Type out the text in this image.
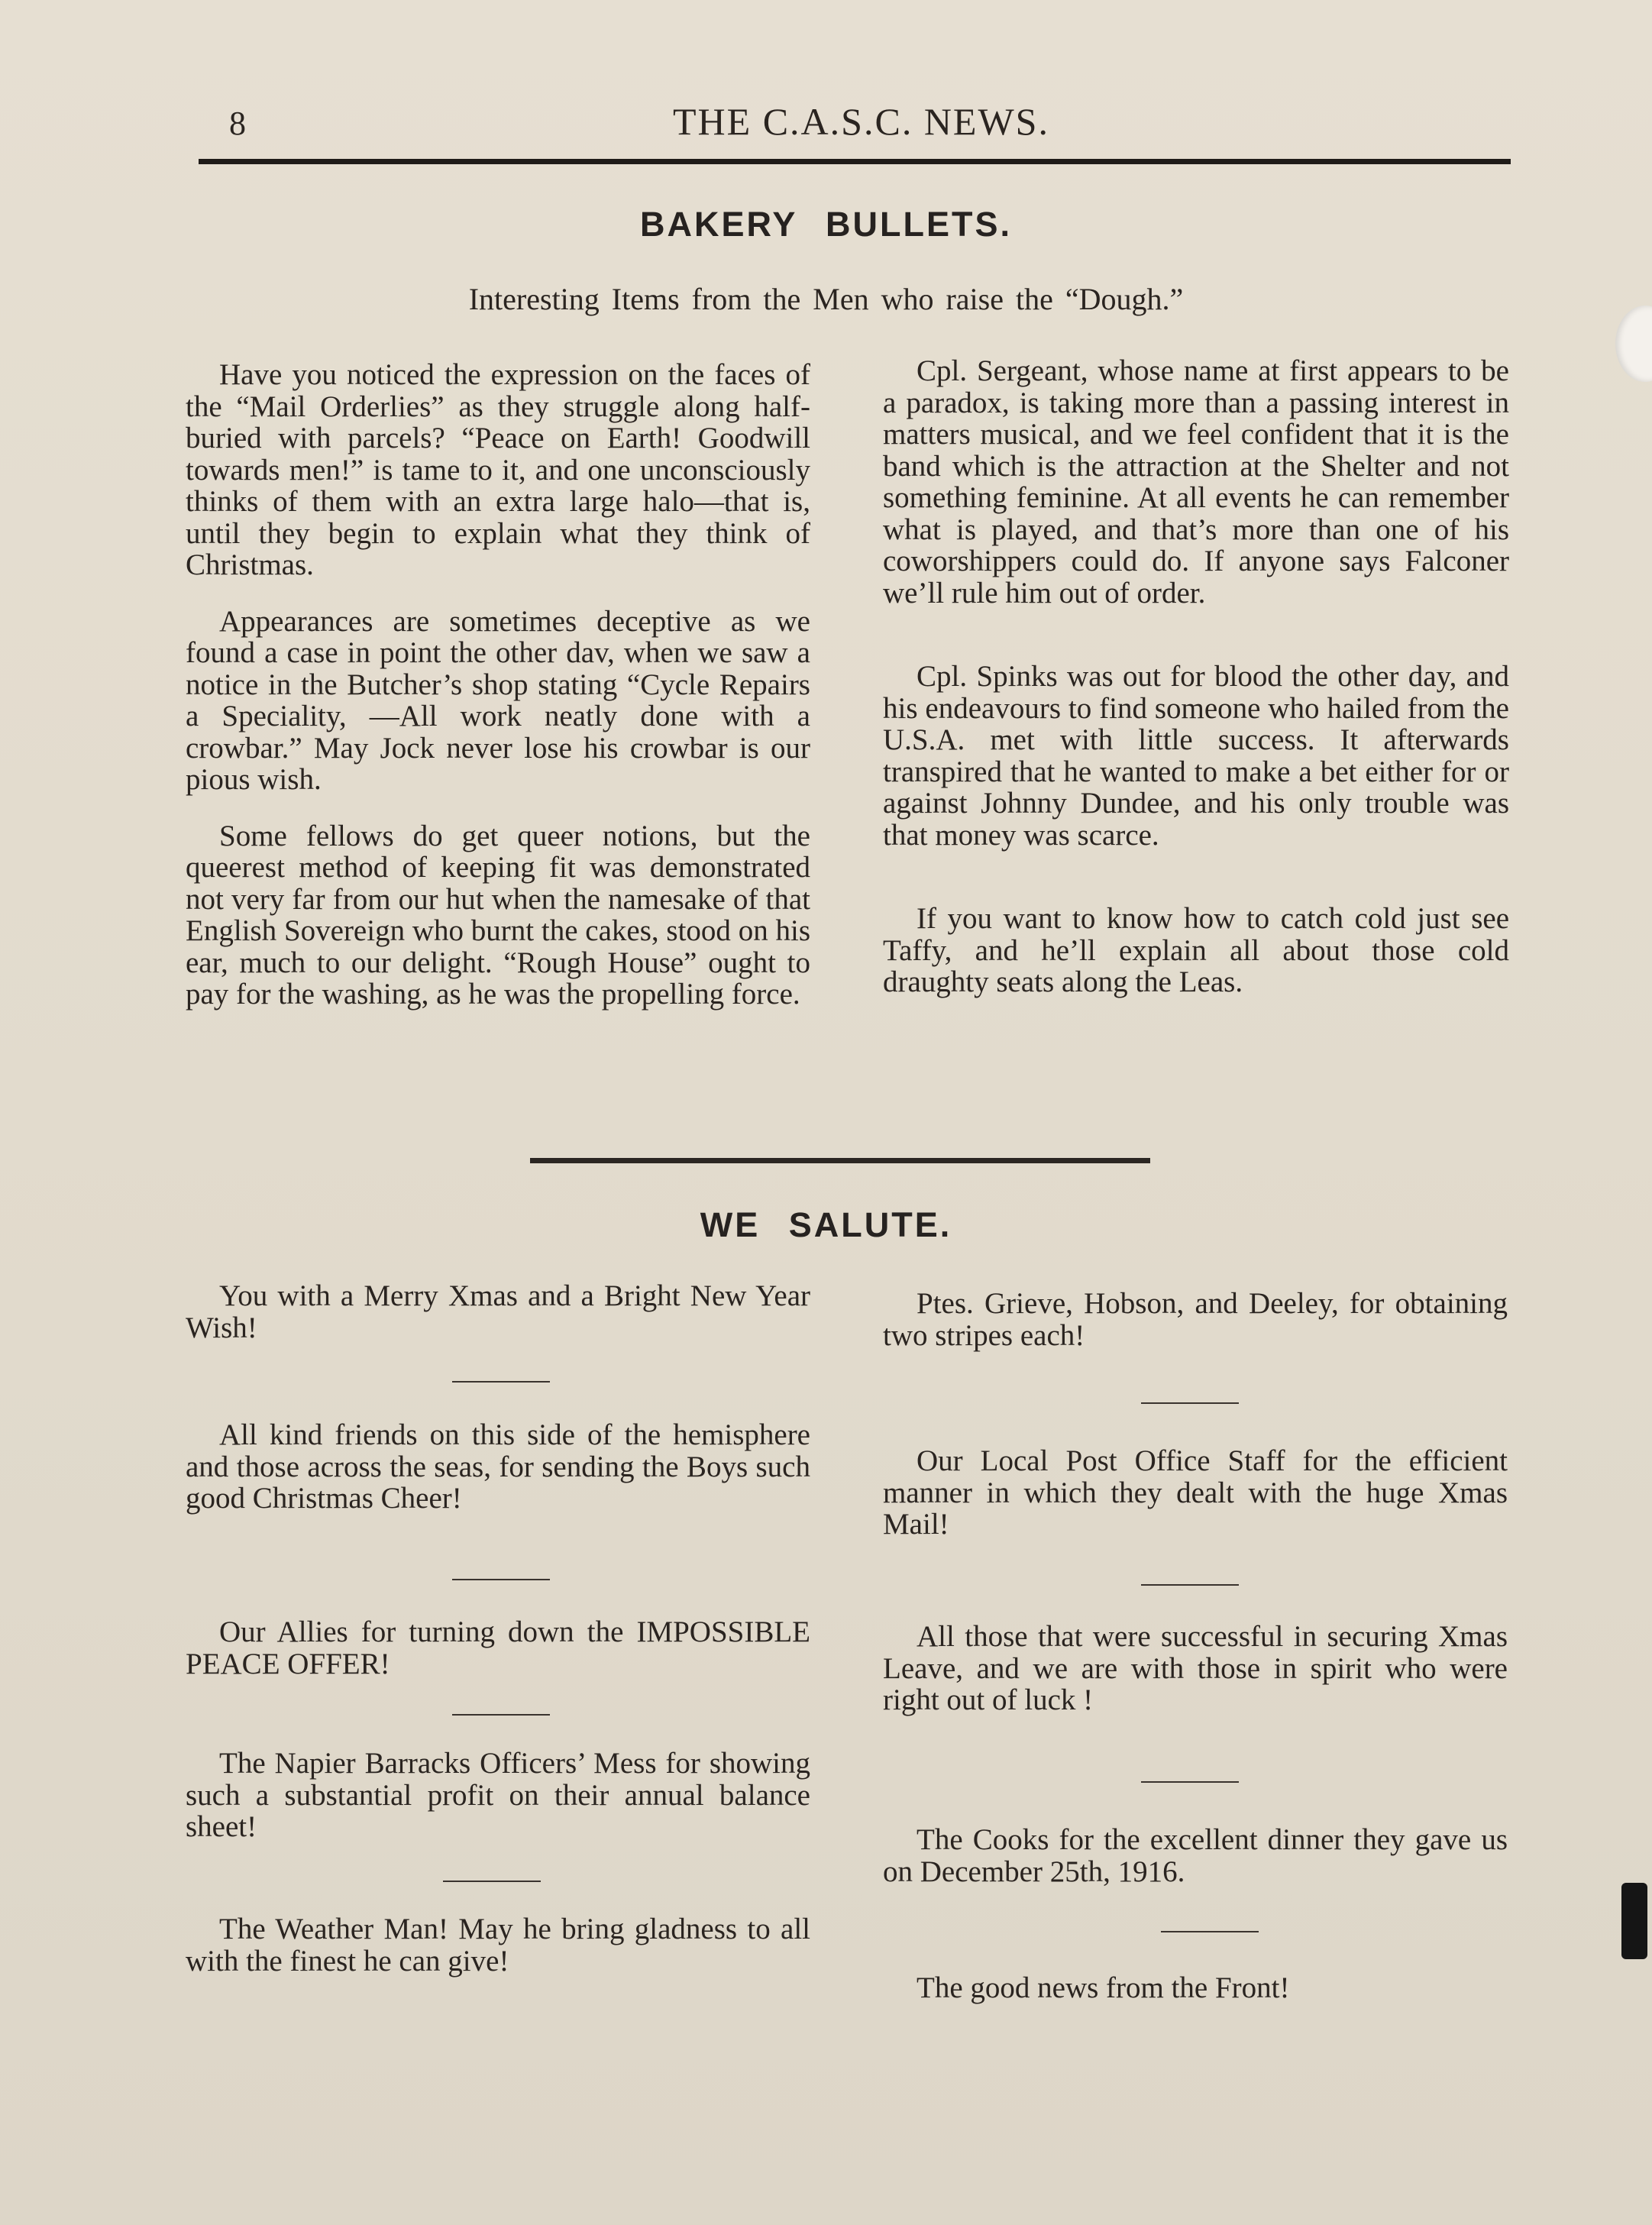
8	THE C.A.S.C. NEWS.
BAKERY BULLETS.
Interesting Items from the Men who raise the “Dough.”

Have you noticed the expression on the faces of the “Mail Orderlies” as they struggle along half-buried with parcels? “Peace on Earth! Goodwill towards men!” is tame to it, and one unconsciously thinks of them with an extra large halo—that is, until they begin to explain what they think of Christmas.

Appearances are sometimes deceptive as we found a case in point the other dav, when we saw a notice in the Butcher’s shop stating “Cycle Repairs a Speciality, —All work neatly done with a crowbar.” May Jock never lose his crowbar is our pious wish.

Some fellows do get queer notions, but the queerest method of keeping fit was demonstrated not very far from our hut when the namesake of that English Sovereign who burnt the cakes, stood on his ear, much to our delight. “Rough House” ought to pay for the washing, as he was the propelling force.

Cpl. Sergeant, whose name at first appears to be a paradox, is taking more than a passing interest in matters musical, and we feel confident that it is the band which is the attraction at the Shelter and not something feminine. At all events he can remember what is played, and that’s more than one of his coworshippers could do. If anyone says Falconer we’ll rule him out of order.

Cpl. Spinks was out for blood the other day, and his endeavours to find someone who hailed from the U.S.A. met with little success. It afterwards transpired that he wanted to make a bet either for or against Johnny Dundee, and his only trouble was that money was scarce.

If you want to know how to catch cold just see Taffy, and he’ll explain all about those cold draughty seats along the Leas.

WE SALUTE.

You with a Merry Xmas and a Bright New Year Wish!

All kind friends on this side of the hemisphere and those across the seas, for sending the Boys such good Christmas Cheer!

Our Allies for turning down the IMPOSSIBLE PEACE OFFER!

The Napier Barracks Officers’ Mess for showing such a substantial profit on their annual balance sheet!

The Weather Man! May he bring gladness to all with the finest he can give!

Ptes. Grieve, Hobson, and Deeley, for obtaining two stripes each!

Our Local Post Office Staff for the efficient manner in which they dealt with the huge Xmas Mail!

All those that were successful in securing Xmas Leave, and we are with those in spirit who were right out of luck !

The Cooks for the excellent dinner they gave us on December 25th, 1916.

The good news from the Front!
